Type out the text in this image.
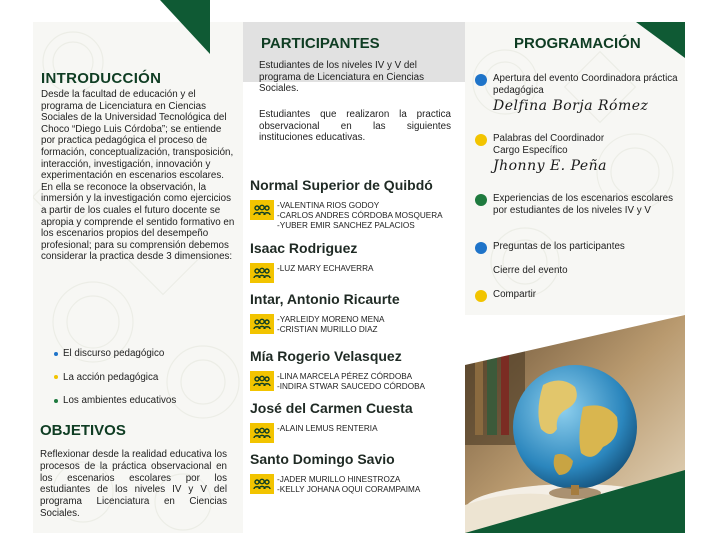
INTRODUCCIÓN
Desde la facultad de educación y el programa de Licenciatura en Ciencias Sociales de la Universidad Tecnológica del Choco “Diego Luis Córdoba”; se entiende por practica pedagógica el proceso de formación, conceptualización, transposición, interacción, investigación, innovación y experimentación en escenarios escolares. En ella se reconoce la observación, la inmersión y la investigación como ejercicios a partir de los cuales el futuro docente se apropia y comprende el sentido formativo en los escenarios propios del desempeño profesional; para su comprensión debemos considerar la practica desde 3 dimensiones:
El discurso pedagógico
La acción pedagógica
Los ambientes educativos
OBJETIVOS
Reflexionar desde la realidad educativa los procesos de la práctica observacional en los escenarios escolares por los estudiantes de los niveles IV y V del programa Licenciatura en Ciencias Sociales.
PARTICIPANTES
Estudiantes de los niveles IV y V del programa de Licenciatura en Ciencias Sociales.
Estudiantes que realizaron la practica observacional en las siguientes instituciones educativas.

Normal Superior de Quibdó

-VALENTINA RIOS GODOY
-CARLOS ANDRES CÓRDOBA MOSQUERA
-YUBER EMIR SANCHEZ PALACIOS

Isaac Rodriguez

-LUZ MARY ECHAVERRA

Intar, Antonio Ricaurte

-YARLEIDY MORENO MENA
-CRISTIAN MURILLO DIAZ

Mía Rogerio Velasquez

-LINA MARCELA PÉREZ CÓRDOBA
-INDIRA STWAR SAUCEDO CÓRDOBA

José del Carmen Cuesta

-ALAIN LEMUS RENTERIA

Santo Domingo Savio

-JADER MURILLO HINESTROZA
-KELLY JOHANA OQUI CORAMPAIMA
PROGRAMACIÓN
Apertura del evento Coordinadora práctica pedagógica
Delfina Borja Rómez
Palabras del Coordinador Cargo Específico
Jhonny E. Peña
Experiencias de los escenarios escolares por estudiantes de los niveles IV y V
Preguntas de los participantes
Cierre del evento
Compartir
